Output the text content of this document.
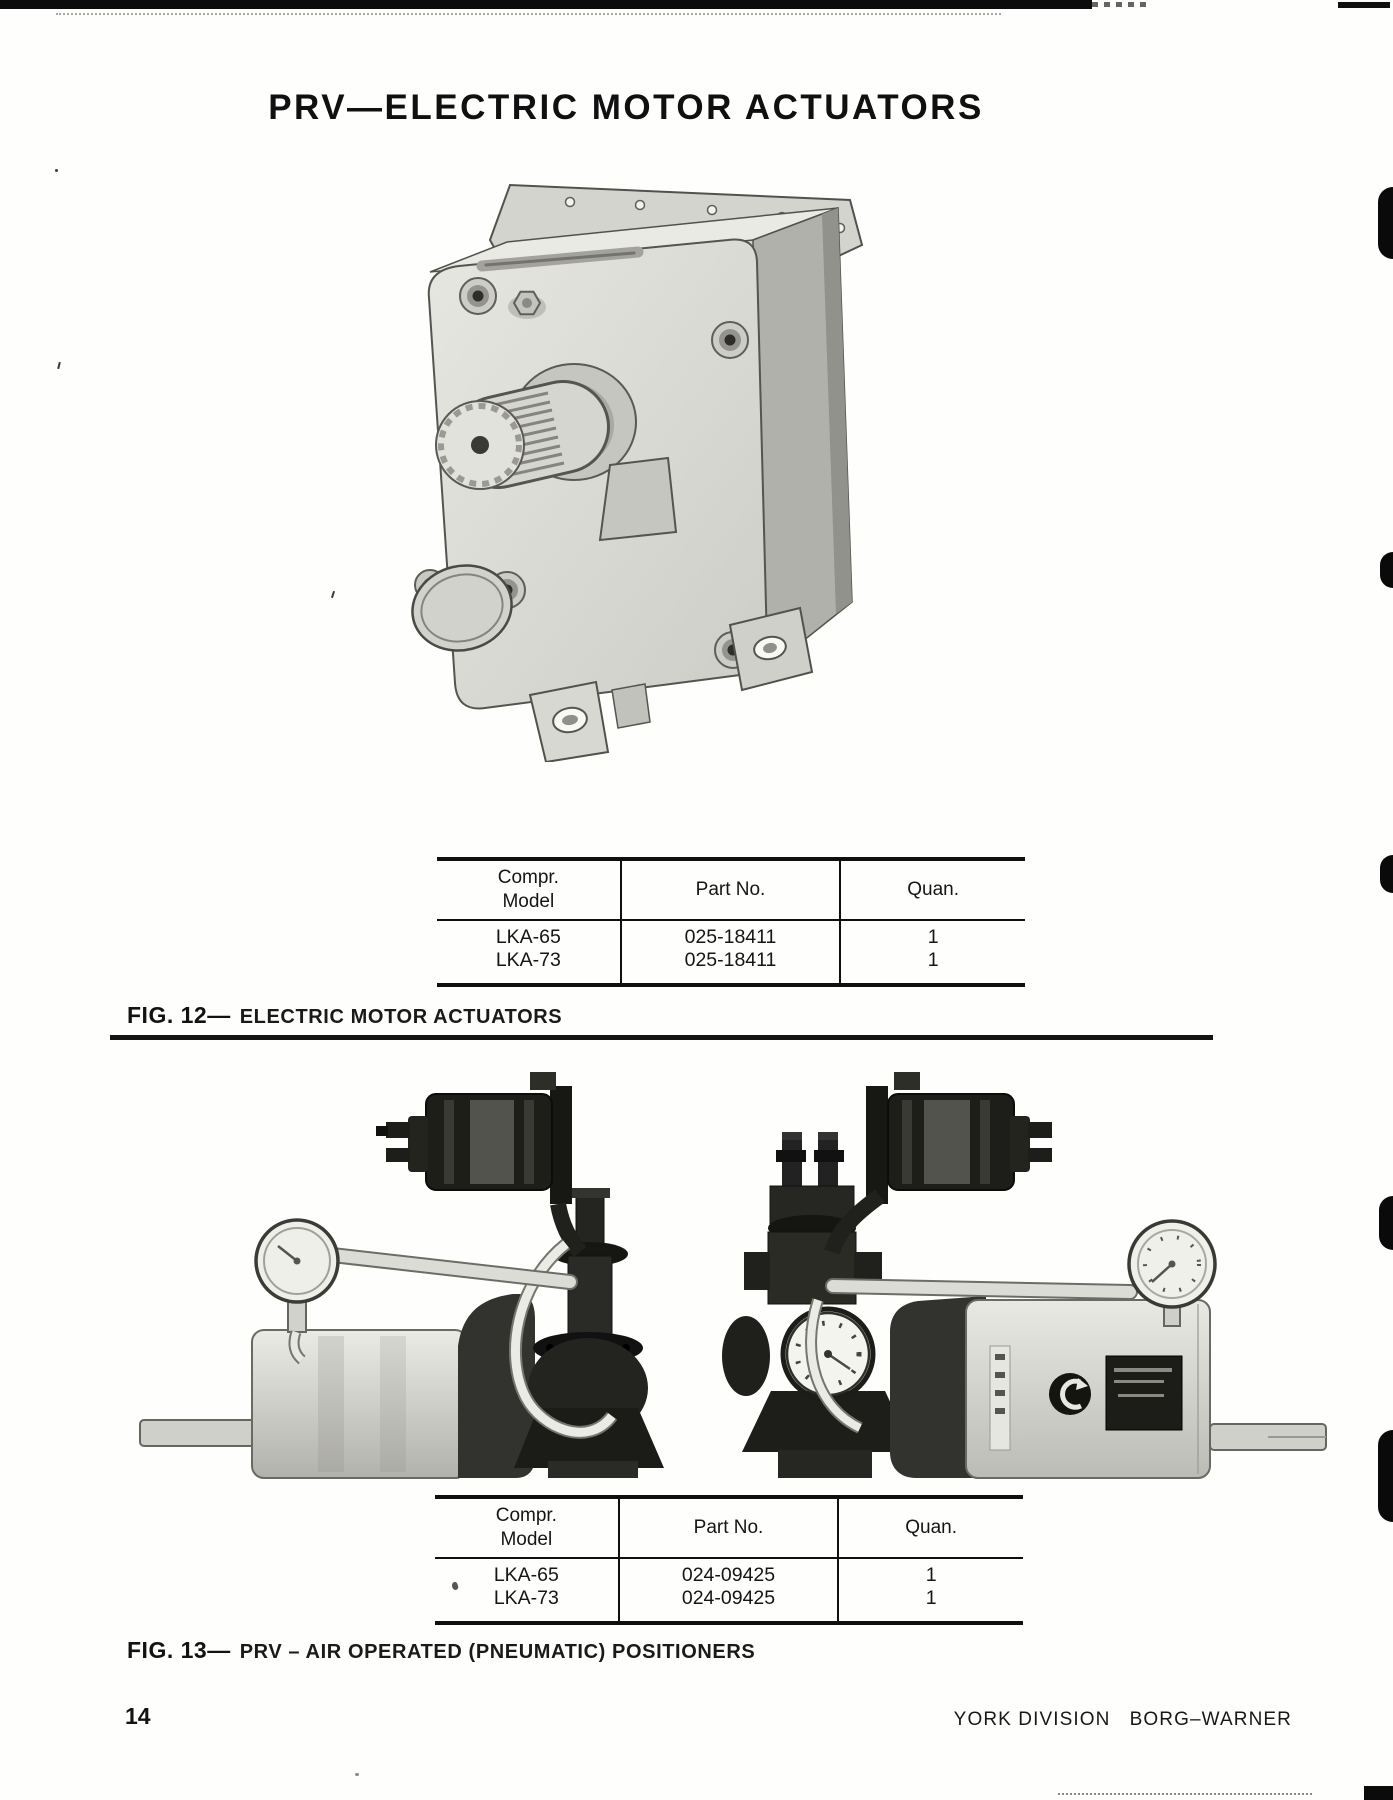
PRV—ELECTRIC MOTOR ACTUATORS
Compr.
Model
LKA-65
LKA-73
Part No.
025-18411
025-18411
Quan.
1
1
FIG. 12— ELECTRIC MOTOR ACTUATORS
Compr.
Model
LKA-65
LKA-73
Part No.
024-09425
024-09425
Quan.
1
1
FIG. 13— PRV – AIR OPERATED (PNEUMATIC) POSITIONERS
14	YORK DIVISION   BORG–WARNER
